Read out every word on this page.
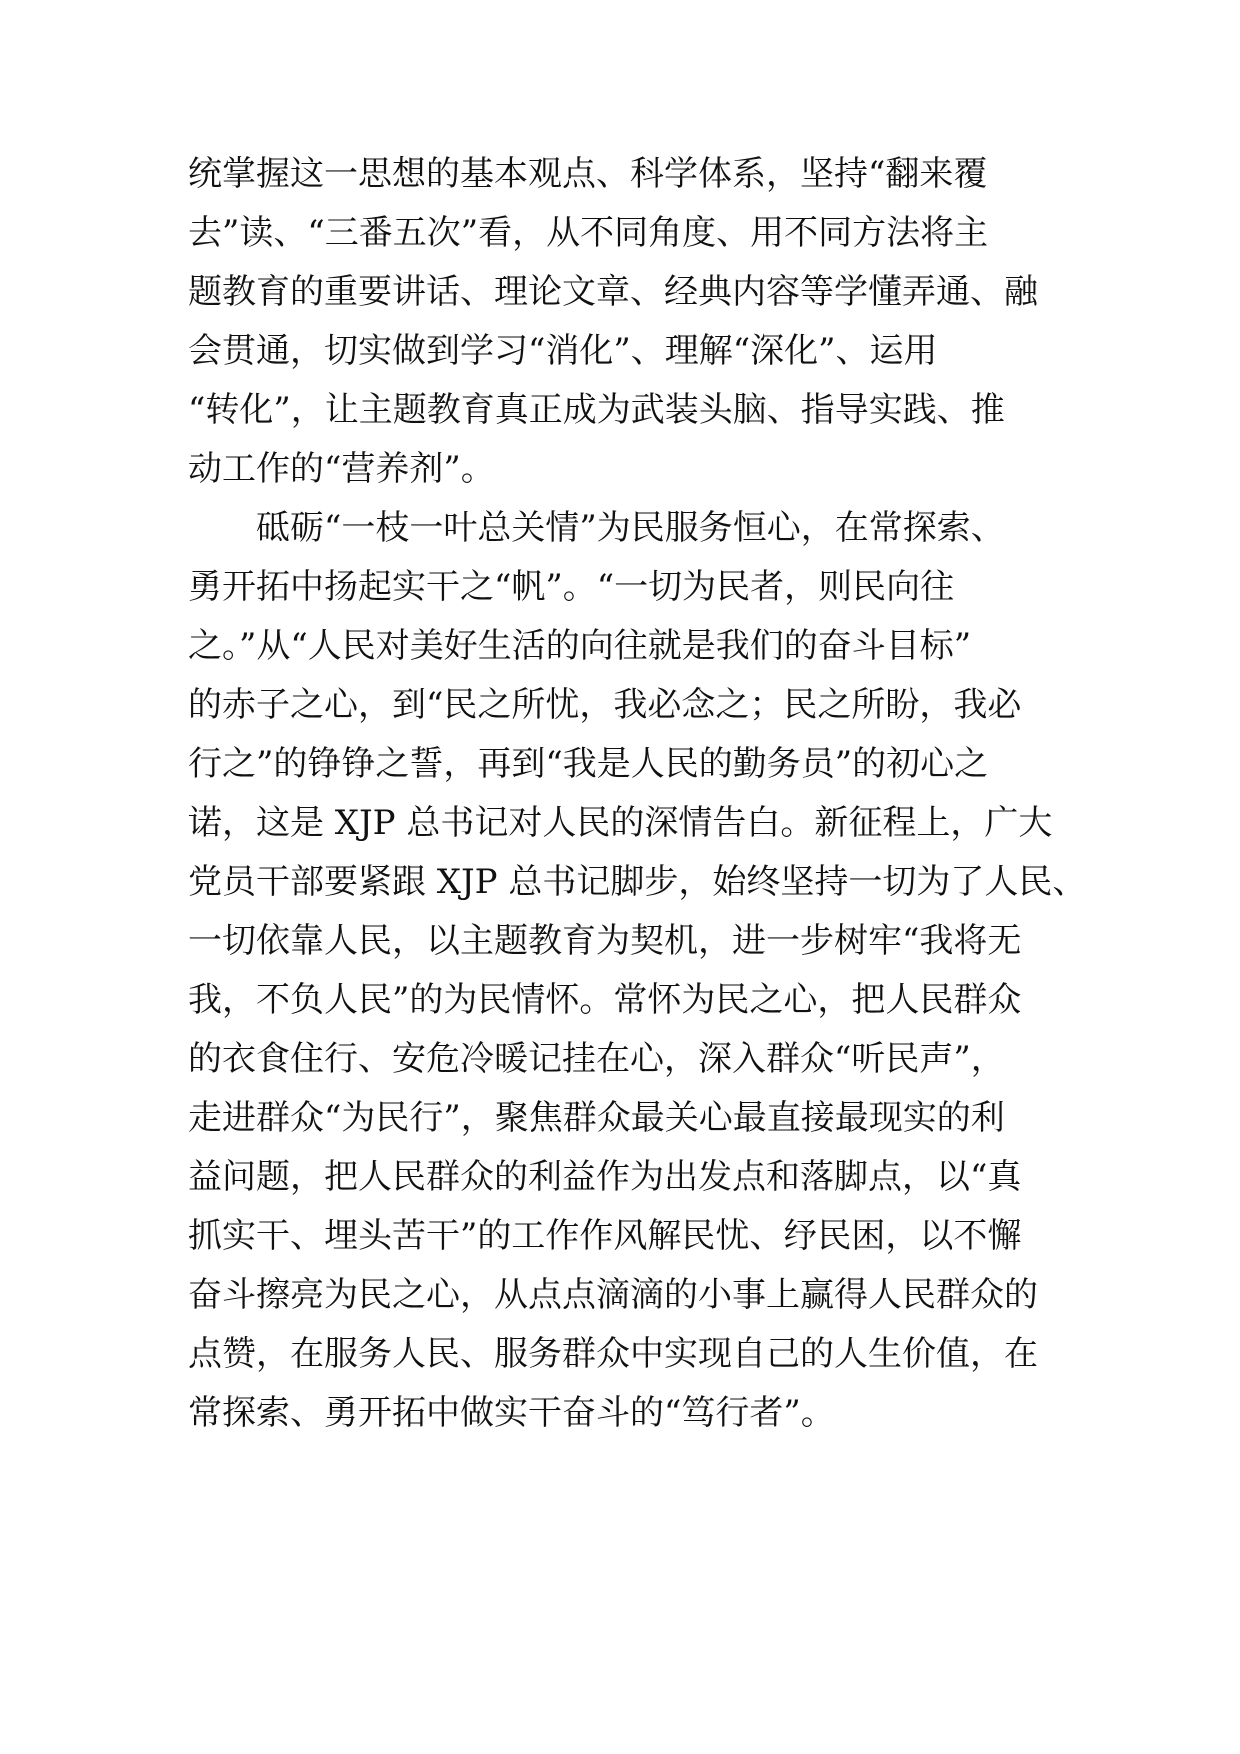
统掌握这一思想的基本观点、科学体系，坚持“翻来覆
去”读、“三番五次”看，从不同角度、用不同方法将主
题教育的重要讲话、理论文章、经典内容等学懂弄通、融
会贯通，切实做到学习“消化”、理解“深化”、运用
“转化”，让主题教育真正成为武装头脑、指导实践、推
动工作的“营养剂”。
砥砺“一枝一叶总关情”为民服务恒心，在常探索、
勇开拓中扬起实干之“帆”。“一切为民者，则民向往
之。”从“人民对美好生活的向往就是我们的奋斗目标”
的赤子之心，到“民之所忧，我必念之；民之所盼，我必
行之”的铮铮之誓，再到“我是人民的勤务员”的初心之
诺，这是 XJP 总书记对人民的深情告白。新征程上，广大
党员干部要紧跟 XJP 总书记脚步，始终坚持一切为了人民、
一切依靠人民，以主题教育为契机，进一步树牢“我将无
我，不负人民”的为民情怀。常怀为民之心，把人民群众
的衣食住行、安危冷暖记挂在心，深入群众“听民声”，
走进群众“为民行”，聚焦群众最关心最直接最现实的利
益问题，把人民群众的利益作为出发点和落脚点，以“真
抓实干、埋头苦干”的工作作风解民忧、纾民困，以不懈
奋斗擦亮为民之心，从点点滴滴的小事上赢得人民群众的
点赞，在服务人民、服务群众中实现自己的人生价值，在
常探索、勇开拓中做实干奋斗的“笃行者”。
